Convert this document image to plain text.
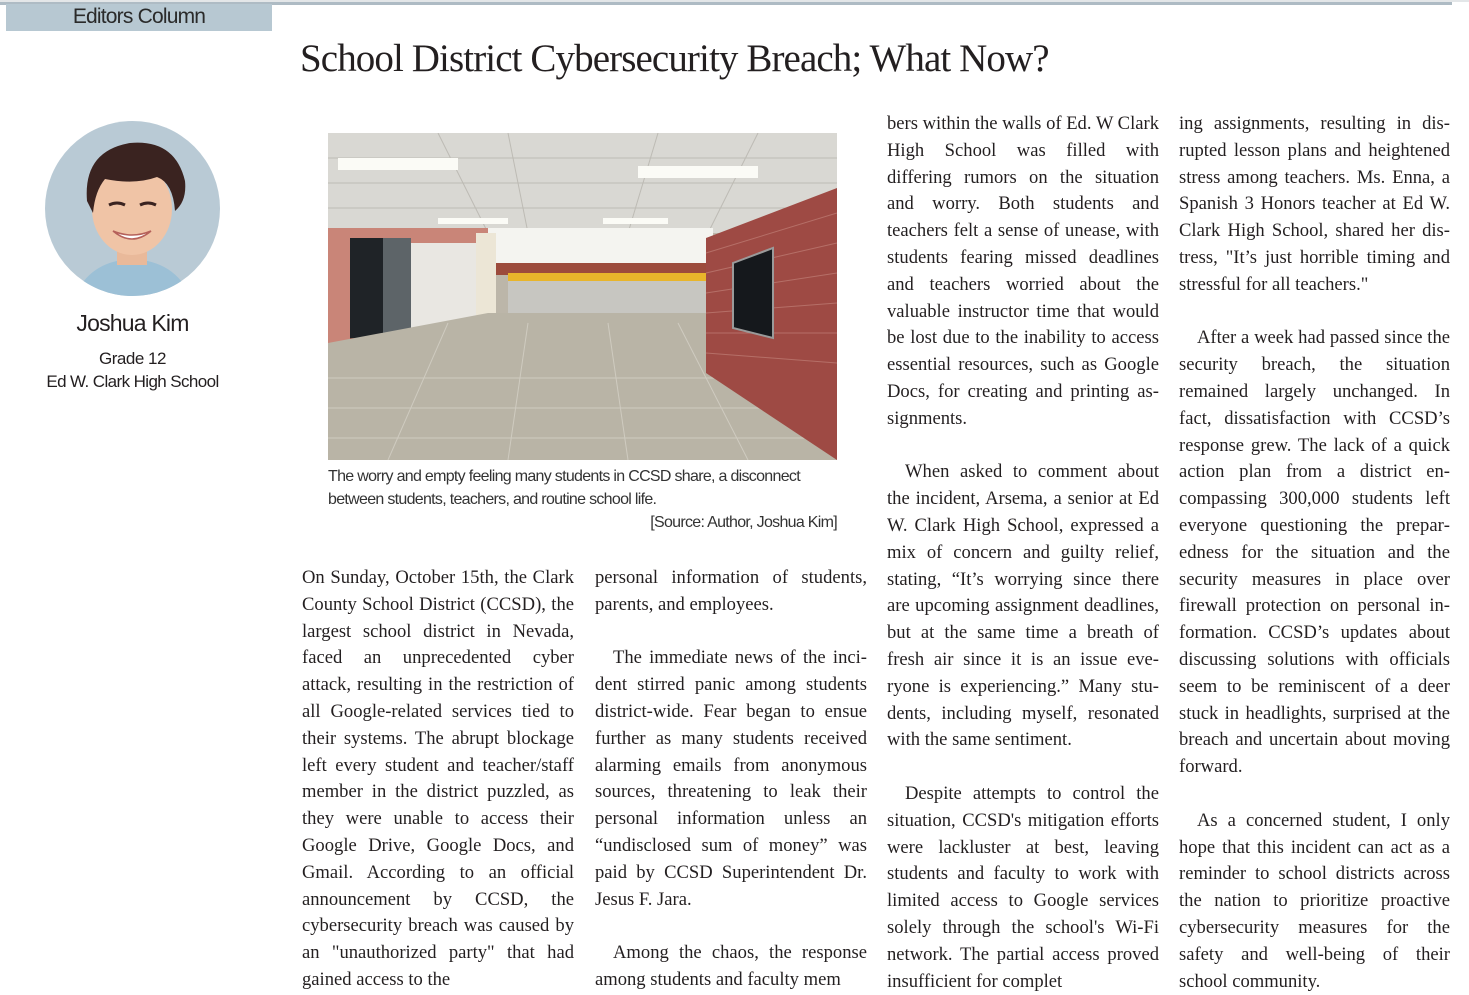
Editors Column
School District Cybersecurity Breach; What Now?
Joshua Kim
Grade 12
Ed W. Clark High School
The worry and empty feeling many students in CCSD share, a disconnect between students, teachers, and routine school life.
[Source: Author, Joshua Kim]

On Sunday, October 15th, the Clark County School District (CCSD), the largest school district in Nevada, faced an unprecedented cyber attack, resulting in the restriction of all Google-related services tied to their systems. The abrupt blockage left every student and teacher/staff member in the district puzzled, as they were unable to access their Google Drive, Google Docs, and Gmail. According to an official announcement by CCSD, the cybersecurity breach was caused by an "unauthorized party" that had gained access to the

personal information of students, parents, and employees.

The immediate news of the incident stirred panic among students district-wide. Fear began to ensue further as many students received alarming emails from anonymous sources, threatening to leak their personal information unless an “undisclosed sum of money” was paid by CCSD Superintendent Dr. Jesus F. Jara.

Among the chaos, the response among students and faculty mem

bers within the walls of Ed. W Clark High School was filled with differing rumors on the situation and worry. Both students and teachers felt a sense of unease, with students fearing missed deadlines and teachers worried about the valuable instructor time that would be lost due to the inability to access essential resources, such as Google Docs, for creating and printing assignments.

When asked to comment about the incident, Arsema, a senior at Ed W. Clark High School, expressed a mix of concern and guilty relief, stating, “It’s worrying since there are upcoming assignment deadlines, but at the same time a breath of fresh air since it is an issue everyone is experiencing.” Many students, including myself, resonated with the same sentiment.

Despite attempts to control the situation, CCSD's mitigation efforts were lackluster at best, leaving students and faculty to work with limited access to Google services solely through the school's Wi-Fi network. The partial access proved insufficient for complet

ing assignments, resulting in disrupted lesson plans and heightened stress among teachers. Ms. Enna, a Spanish 3 Honors teacher at Ed W. Clark High School, shared her distress, "It’s just horrible timing and stressful for all teachers."

After a week had passed since the security breach, the situation remained largely unchanged. In fact, dissatisfaction with CCSD’s response grew. The lack of a quick action plan from a district encompassing 300,000 students left everyone questioning the preparedness for the situation and the security measures in place over firewall protection on personal information. CCSD’s updates about discussing solutions with officials seem to be reminiscent of a deer stuck in headlights, surprised at the breach and uncertain about moving forward.

As a concerned student, I only hope that this incident can act as a reminder to school districts across the nation to prioritize proactive cybersecurity measures for the safety and well-being of their school community.
